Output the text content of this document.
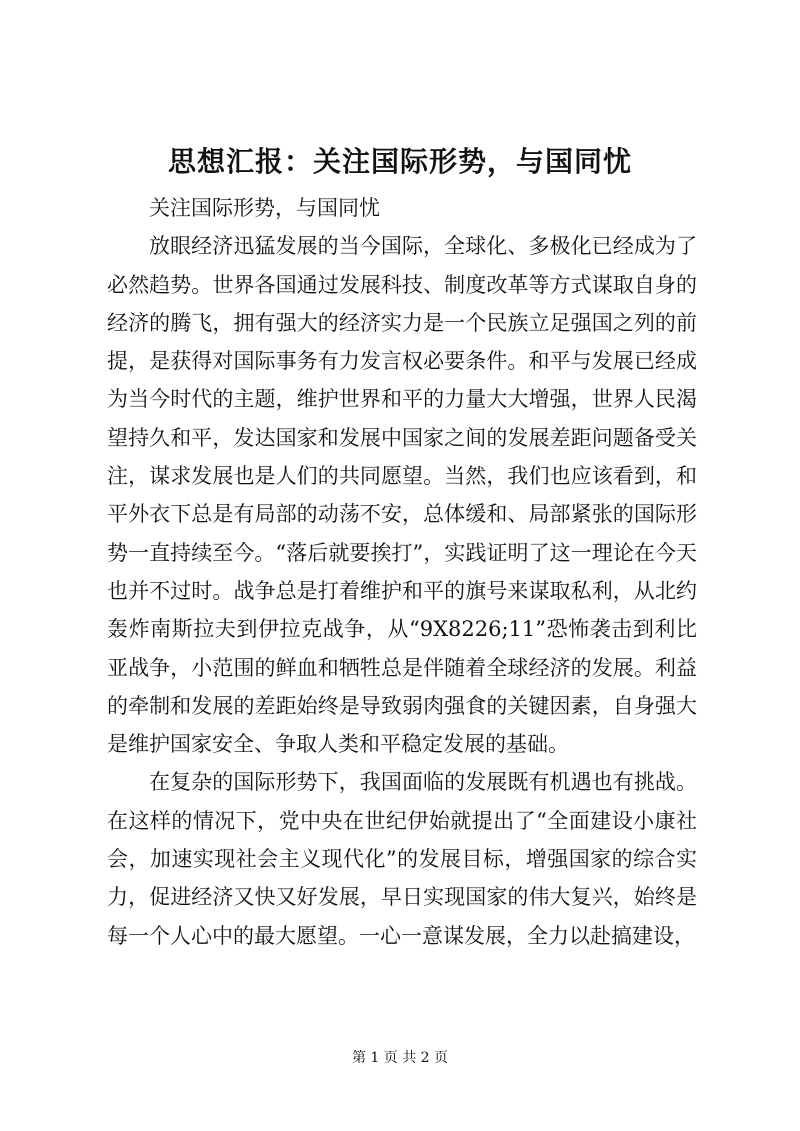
思想汇报：关注国际形势，与国同忧

关注国际形势，与国同忧

放眼经济迅猛发展的当今国际，全球化、多极化已经成为了必然趋势。世界各国通过发展科技、制度改革等方式谋取自身的经济的腾飞，拥有强大的经济实力是一个民族立足强国之列的前提，是获得对国际事务有力发言权必要条件。和平与发展已经成为当今时代的主题，维护世界和平的力量大大增强，世界人民渴望持久和平，发达国家和发展中国家之间的发展差距问题备受关注，谋求发展也是人们的共同愿望。当然，我们也应该看到，和平外衣下总是有局部的动荡不安，总体缓和、局部紧张的国际形势一直持续至今。“落后就要挨打”，实践证明了这一理论在今天也并不过时。战争总是打着维护和平的旗号来谋取私利，从北约轰炸南斯拉夫到伊拉克战争，从“9X8226;11”恐怖袭击到利比亚战争，小范围的鲜血和牺牲总是伴随着全球经济的发展。利益的牵制和发展的差距始终是导致弱肉强食的关键因素，自身强大是维护国家安全、争取人类和平稳定发展的基础。

在复杂的国际形势下，我国面临的发展既有机遇也有挑战。在这样的情况下，党中央在世纪伊始就提出了“全面建设小康社会，加速实现社会主义现代化”的发展目标，增强国家的综合实力，促进经济又快又好发展，早日实现国家的伟大复兴，始终是每一个人心中的最大愿望。一心一意谋发展，全力以赴搞建设，

第 1 页 共 2 页
